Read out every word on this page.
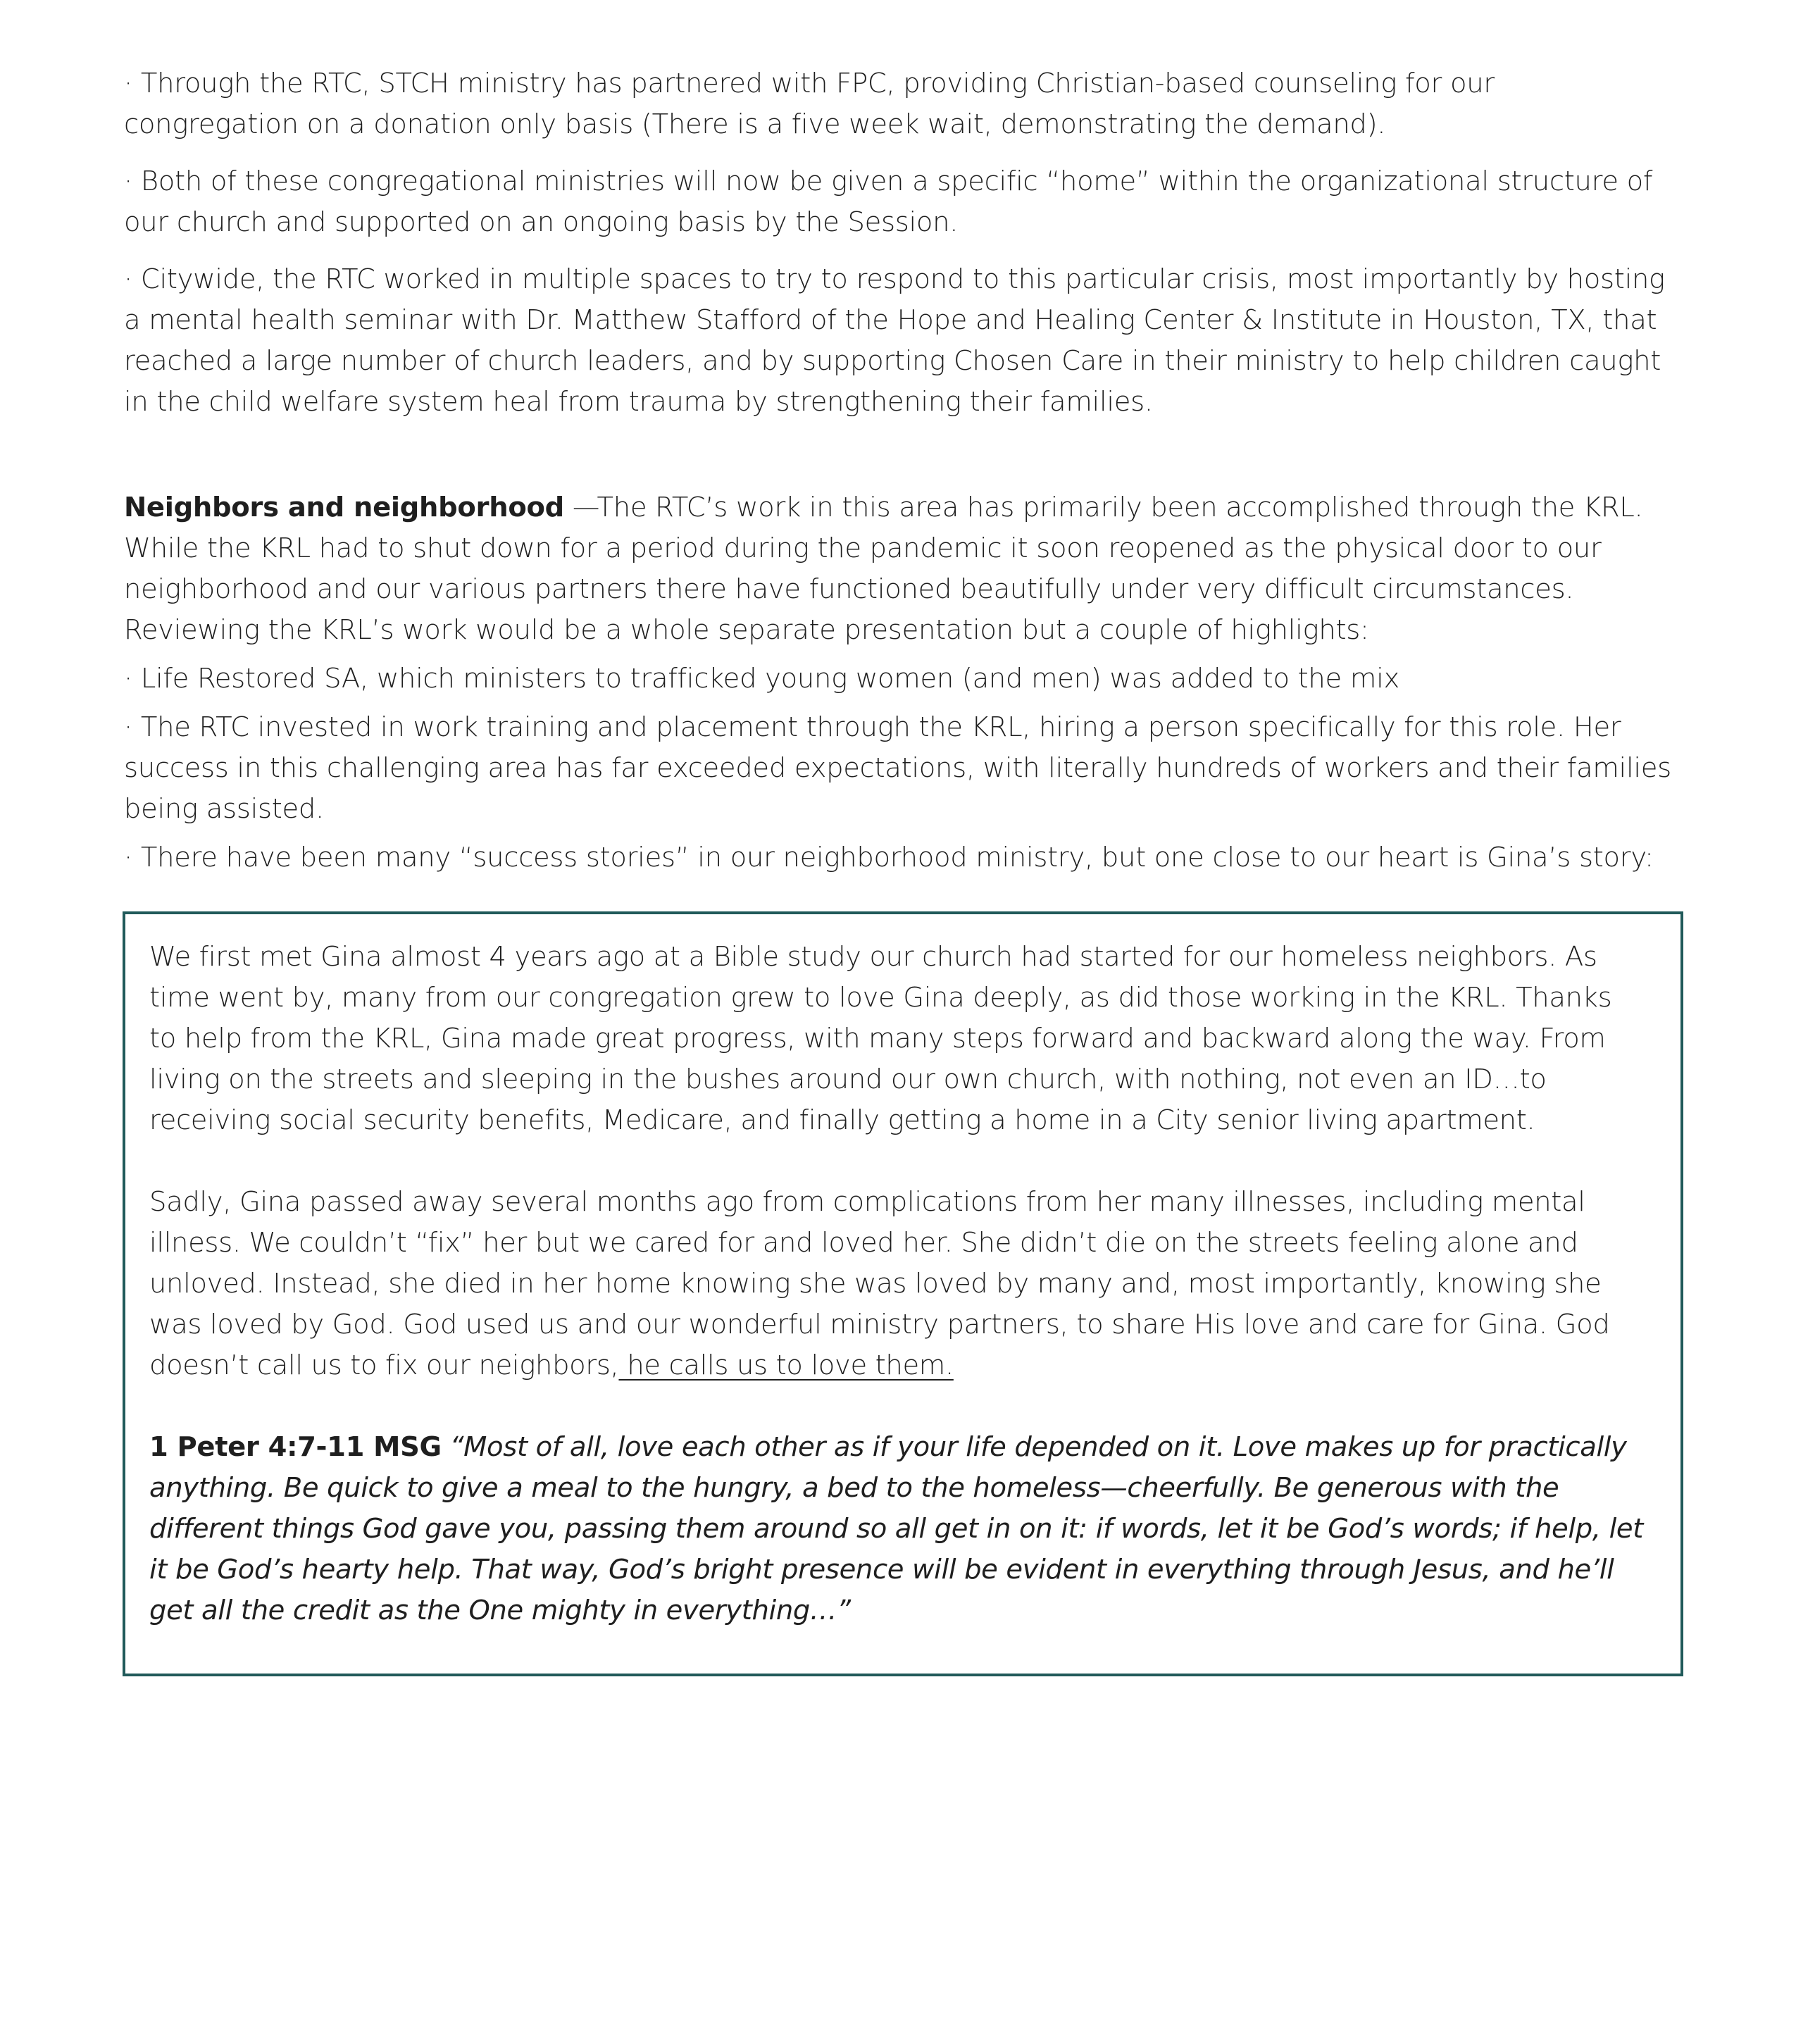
· Through the RTC, STCH ministry has partnered with FPC, providing Christian-based counseling for our congregation on a donation only basis (There is a five week wait, demonstrating the demand).

· Both of these congregational ministries will now be given a specific “home” within the organizational structure of our church and supported on an ongoing basis by the Session.

· Citywide, the RTC worked in multiple spaces to try to respond to this particular crisis, most importantly by hosting a mental health seminar with Dr. Matthew Stafford of the Hope and Healing Center & Institute in Houston, TX, that reached a large number of church leaders, and by supporting Chosen Care in their ministry to help children caught in the child welfare system heal from trauma by strengthening their families.

Neighbors and neighborhood —The RTC’s work in this area has primarily been accomplished through the KRL. While the KRL had to shut down for a period during the pandemic it soon reopened as the physical door to our neighborhood and our various partners there have functioned beautifully under very difficult circumstances. Reviewing the KRL’s work would be a whole separate presentation but a couple of highlights:

· Life Restored SA, which ministers to trafficked young women (and men) was added to the mix

· The RTC invested in work training and placement through the KRL, hiring a person specifically for this role. Her success in this challenging area has far exceeded expectations, with literally hundreds of workers and their families being assisted.

· There have been many “success stories” in our neighborhood ministry, but one close to our heart is Gina’s story:

We first met Gina almost 4 years ago at a Bible study our church had started for our homeless neighbors. As time went by, many from our congregation grew to love Gina deeply, as did those working in the KRL. Thanks to help from the KRL, Gina made great progress, with many steps forward and backward along the way. From living on the streets and sleeping in the bushes around our own church, with nothing, not even an ID…to receiving social security benefits, Medicare, and finally getting a home in a City senior living apartment.

Sadly, Gina passed away several months ago from complications from her many illnesses, including mental illness. We couldn’t “fix” her but we cared for and loved her. She didn’t die on the streets feeling alone and unloved. Instead, she died in her home knowing she was loved by many and, most importantly, knowing she was loved by God. God used us and our wonderful ministry partners, to share His love and care for Gina. God doesn’t call us to fix our neighbors, he calls us to love them.

1 Peter 4:7-11 MSG “Most of all, love each other as if your life depended on it. Love makes up for practically anything. Be quick to give a meal to the hungry, a bed to the homeless—cheerfully. Be generous with the different things God gave you, passing them around so all get in on it: if words, let it be God’s words; if help, let it be God’s hearty help. That way, God’s bright presence will be evident in everything through Jesus, and he’ll get all the credit as the One mighty in everything…”
